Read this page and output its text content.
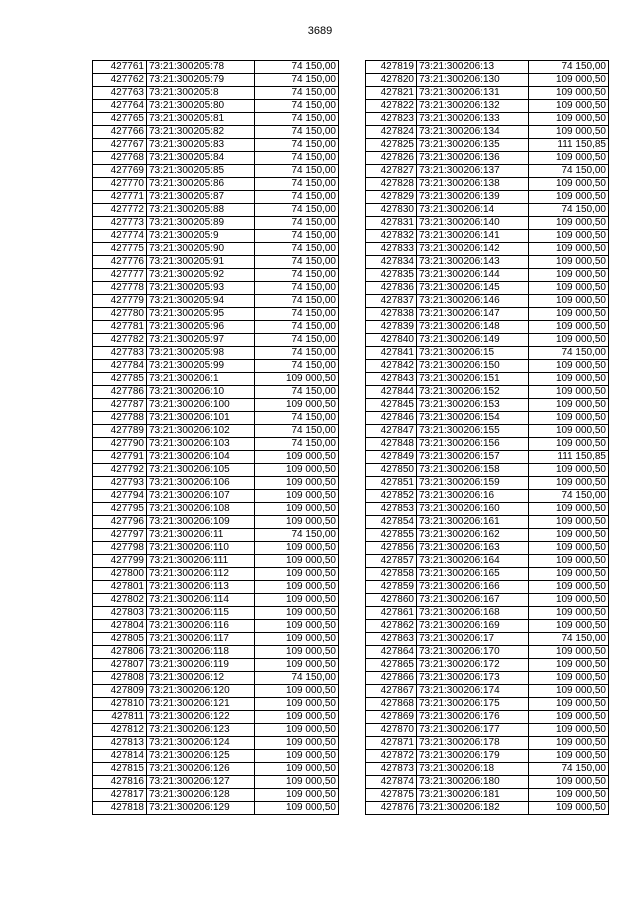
3689
427761	73:21:300205:78	74 150,00
427762	73:21:300205:79	74 150,00
427763	73:21:300205:8	74 150,00
427764	73:21:300205:80	74 150,00
427765	73:21:300205:81	74 150,00
427766	73:21:300205:82	74 150,00
427767	73:21:300205:83	74 150,00
427768	73:21:300205:84	74 150,00
427769	73:21:300205:85	74 150,00
427770	73:21:300205:86	74 150,00
427771	73:21:300205:87	74 150,00
427772	73:21:300205:88	74 150,00
427773	73:21:300205:89	74 150,00
427774	73:21:300205:9	74 150,00
427775	73:21:300205:90	74 150,00
427776	73:21:300205:91	74 150,00
427777	73:21:300205:92	74 150,00
427778	73:21:300205:93	74 150,00
427779	73:21:300205:94	74 150,00
427780	73:21:300205:95	74 150,00
427781	73:21:300205:96	74 150,00
427782	73:21:300205:97	74 150,00
427783	73:21:300205:98	74 150,00
427784	73:21:300205:99	74 150,00
427785	73:21:300206:1	109 000,50
427786	73:21:300206:10	74 150,00
427787	73:21:300206:100	109 000,50
427788	73:21:300206:101	74 150,00
427789	73:21:300206:102	74 150,00
427790	73:21:300206:103	74 150,00
427791	73:21:300206:104	109 000,50
427792	73:21:300206:105	109 000,50
427793	73:21:300206:106	109 000,50
427794	73:21:300206:107	109 000,50
427795	73:21:300206:108	109 000,50
427796	73:21:300206:109	109 000,50
427797	73:21:300206:11	74 150,00
427798	73:21:300206:110	109 000,50
427799	73:21:300206:111	109 000,50
427800	73:21:300206:112	109 000,50
427801	73:21:300206:113	109 000,50
427802	73:21:300206:114	109 000,50
427803	73:21:300206:115	109 000,50
427804	73:21:300206:116	109 000,50
427805	73:21:300206:117	109 000,50
427806	73:21:300206:118	109 000,50
427807	73:21:300206:119	109 000,50
427808	73:21:300206:12	74 150,00
427809	73:21:300206:120	109 000,50
427810	73:21:300206:121	109 000,50
427811	73:21:300206:122	109 000,50
427812	73:21:300206:123	109 000,50
427813	73:21:300206:124	109 000,50
427814	73:21:300206:125	109 000,50
427815	73:21:300206:126	109 000,50
427816	73:21:300206:127	109 000,50
427817	73:21:300206:128	109 000,50
427818	73:21:300206:129	109 000,50
427819	73:21:300206:13	74 150,00
427820	73:21:300206:130	109 000,50
427821	73:21:300206:131	109 000,50
427822	73:21:300206:132	109 000,50
427823	73:21:300206:133	109 000,50
427824	73:21:300206:134	109 000,50
427825	73:21:300206:135	111 150,85
427826	73:21:300206:136	109 000,50
427827	73:21:300206:137	74 150,00
427828	73:21:300206:138	109 000,50
427829	73:21:300206:139	109 000,50
427830	73:21:300206:14	74 150,00
427831	73:21:300206:140	109 000,50
427832	73:21:300206:141	109 000,50
427833	73:21:300206:142	109 000,50
427834	73:21:300206:143	109 000,50
427835	73:21:300206:144	109 000,50
427836	73:21:300206:145	109 000,50
427837	73:21:300206:146	109 000,50
427838	73:21:300206:147	109 000,50
427839	73:21:300206:148	109 000,50
427840	73:21:300206:149	109 000,50
427841	73:21:300206:15	74 150,00
427842	73:21:300206:150	109 000,50
427843	73:21:300206:151	109 000,50
427844	73:21:300206:152	109 000,50
427845	73:21:300206:153	109 000,50
427846	73:21:300206:154	109 000,50
427847	73:21:300206:155	109 000,50
427848	73:21:300206:156	109 000,50
427849	73:21:300206:157	111 150,85
427850	73:21:300206:158	109 000,50
427851	73:21:300206:159	109 000,50
427852	73:21:300206:16	74 150,00
427853	73:21:300206:160	109 000,50
427854	73:21:300206:161	109 000,50
427855	73:21:300206:162	109 000,50
427856	73:21:300206:163	109 000,50
427857	73:21:300206:164	109 000,50
427858	73:21:300206:165	109 000,50
427859	73:21:300206:166	109 000,50
427860	73:21:300206:167	109 000,50
427861	73:21:300206:168	109 000,50
427862	73:21:300206:169	109 000,50
427863	73:21:300206:17	74 150,00
427864	73:21:300206:170	109 000,50
427865	73:21:300206:172	109 000,50
427866	73:21:300206:173	109 000,50
427867	73:21:300206:174	109 000,50
427868	73:21:300206:175	109 000,50
427869	73:21:300206:176	109 000,50
427870	73:21:300206:177	109 000,50
427871	73:21:300206:178	109 000,50
427872	73:21:300206:179	109 000,50
427873	73:21:300206:18	74 150,00
427874	73:21:300206:180	109 000,50
427875	73:21:300206:181	109 000,50
427876	73:21:300206:182	109 000,50
